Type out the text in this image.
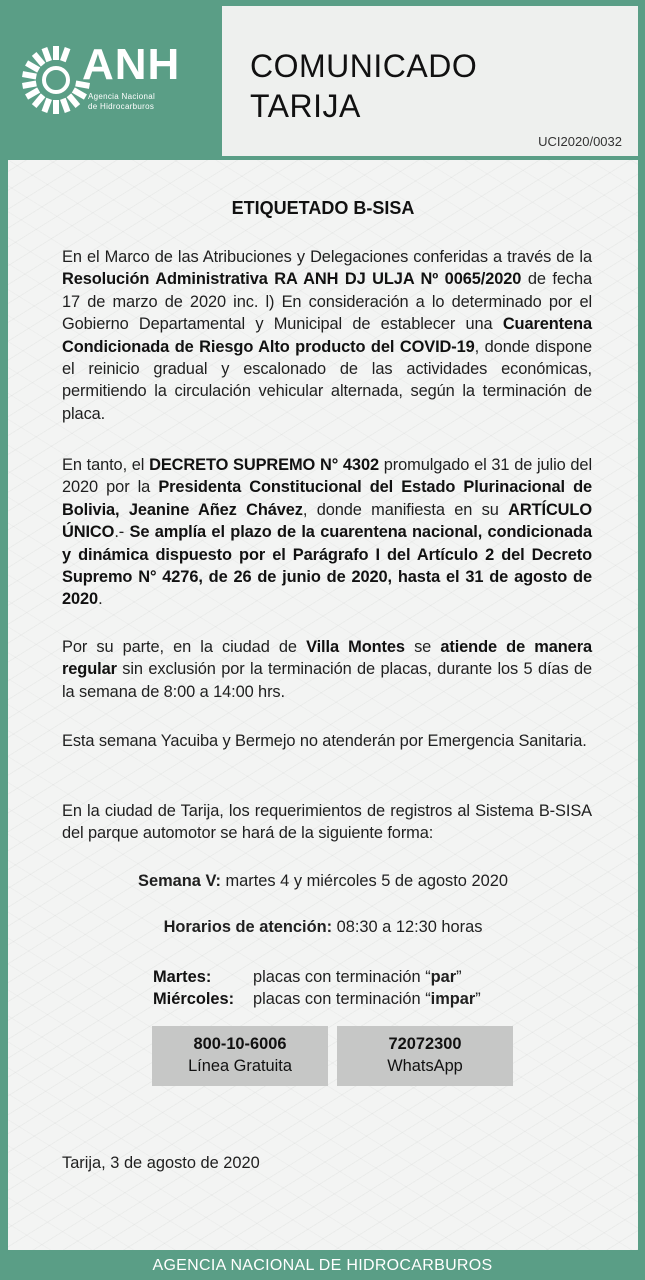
ANH
Agencia Nacional
de Hidrocarburos
COMUNICADO
TARIJA
UCI2020/0032
ETIQUETADO B-SISA

En el Marco de las Atribuciones y Delegaciones conferidas a través de la Resolución Administrativa RA ANH DJ ULJA Nº 0065/2020 de fecha 17 de marzo de 2020 inc. l) En consideración a lo determinado por el Gobierno Departamental y Municipal de establecer una Cuarentena Condicionada de Riesgo Alto producto del COVID-19, donde dispone el reinicio gradual y escalonado de las actividades económicas, permitiendo la circulación vehicular alternada, según la terminación de placa.

En tanto, el DECRETO SUPREMO N° 4302 promulgado el 31 de julio del 2020 por la Presidenta Constitucional del Estado Plurinacional de Bolivia, Jeanine Añez Chávez, donde manifiesta en su ARTÍCULO ÚNICO.- Se amplía el plazo de la cuarentena nacional, condicionada y dinámica dispuesto por el Parágrafo I del Artículo 2 del Decreto Supremo N° 4276, de 26 de junio de 2020, hasta el 31 de agosto de 2020.

Por su parte, en la ciudad de Villa Montes se atiende de manera regular sin exclusión por la terminación de placas, durante los 5 días de la semana de 8:00 a 14:00 hrs.

Esta semana Yacuiba y Bermejo no atenderán por Emergencia Sanitaria.

En la ciudad de Tarija, los requerimientos de registros al Sistema B-SISA del parque automotor se hará de la siguiente forma:

Semana V: martes 4 y miércoles 5 de agosto 2020
Horarios de atención: 08:30 a 12:30 horas
Martes:	placas con terminación “par”
Miércoles: placas con terminación “impar”
800-10-6006
Línea Gratuita
72072300
WhatsApp
Tarija, 3 de agosto de 2020
AGENCIA NACIONAL DE HIDROCARBUROS
